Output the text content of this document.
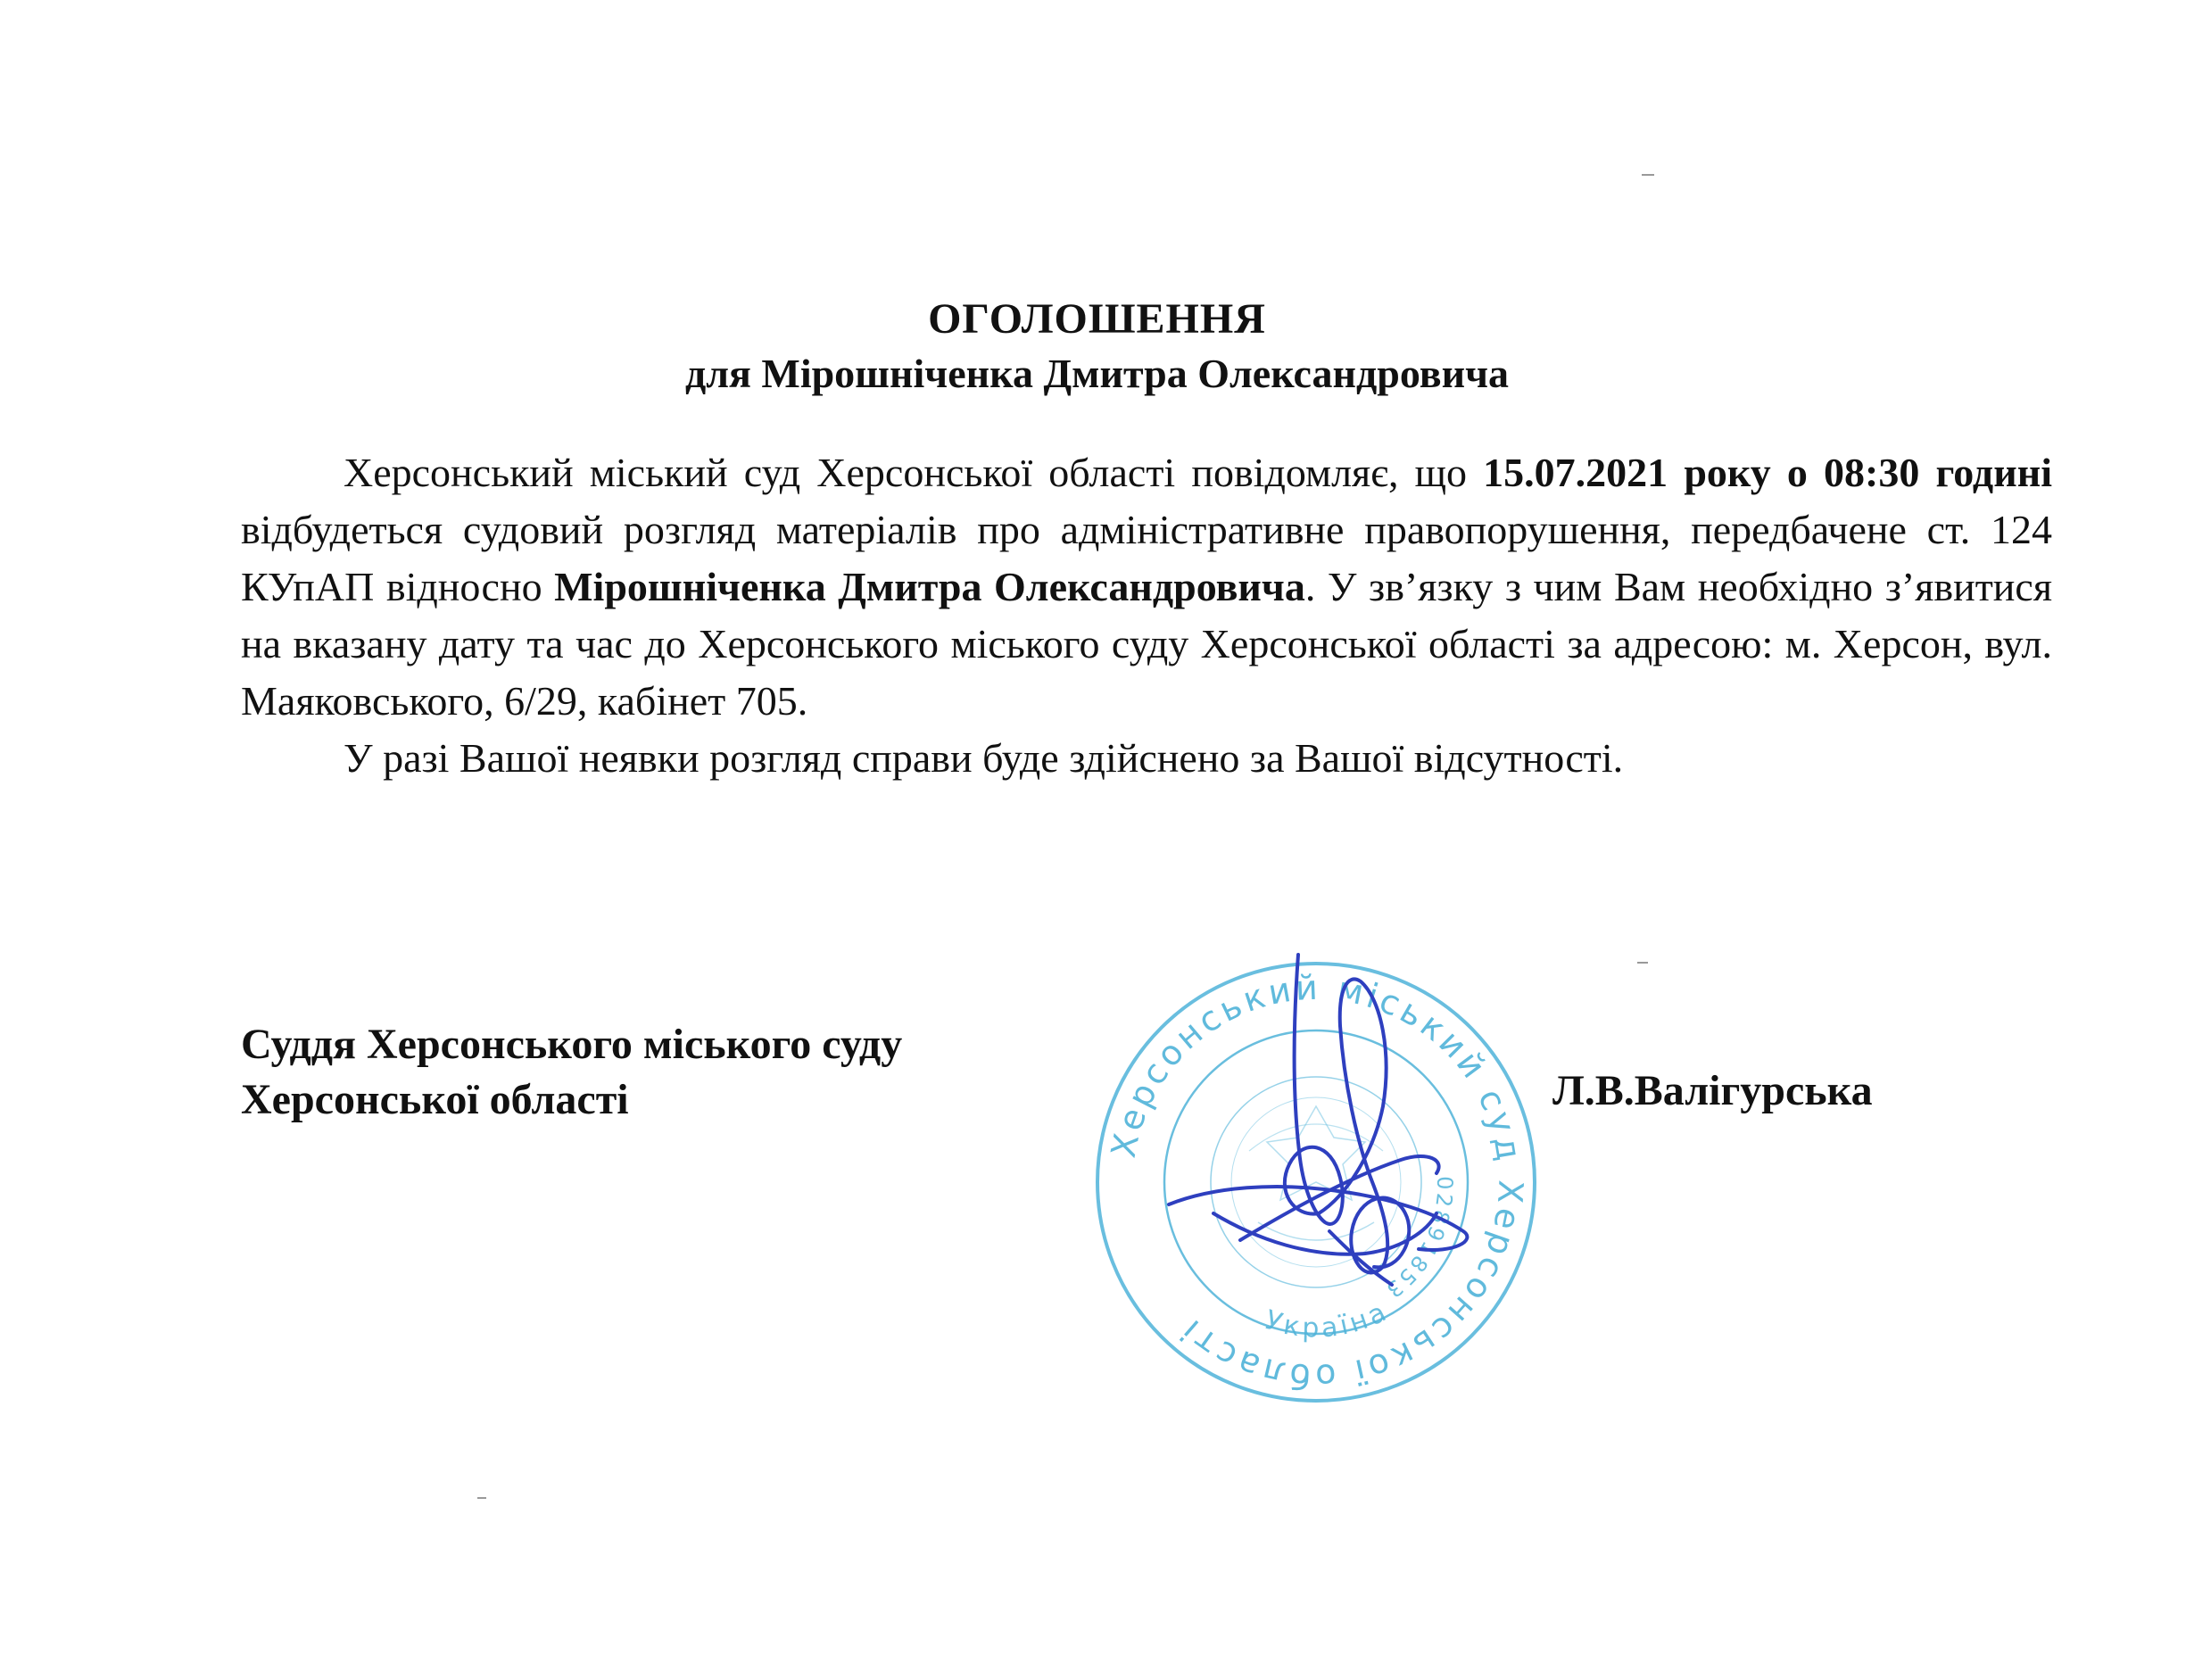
ОГОЛОШЕННЯ
для Мірошніченка Дмитра Олександровича

Херсонський міський суд Херсонської області повідомляє, що 15.07.2021 року о 08:30 годині відбудеться судовий розгляд матеріалів про адміністративне правопорушення, передбачене ст. 124 КУпАП відносно Мірошніченка Дмитра Олександровича. У зв’язку з чим Вам необхідно з’явитися на вказану дату та час до Херсонського міського суду Херсонської області за адресою: м. Херсон, вул. Маяковського, 6/29, кабінет 705.

У разі Вашої неявки розгляд справи буде здійснено за Вашої відсутності.

Суддя Херсонського міського суду
Херсонської області
Херсонський міський суд Херсонської області	Україна
02891853
Л.В.Валігурська
